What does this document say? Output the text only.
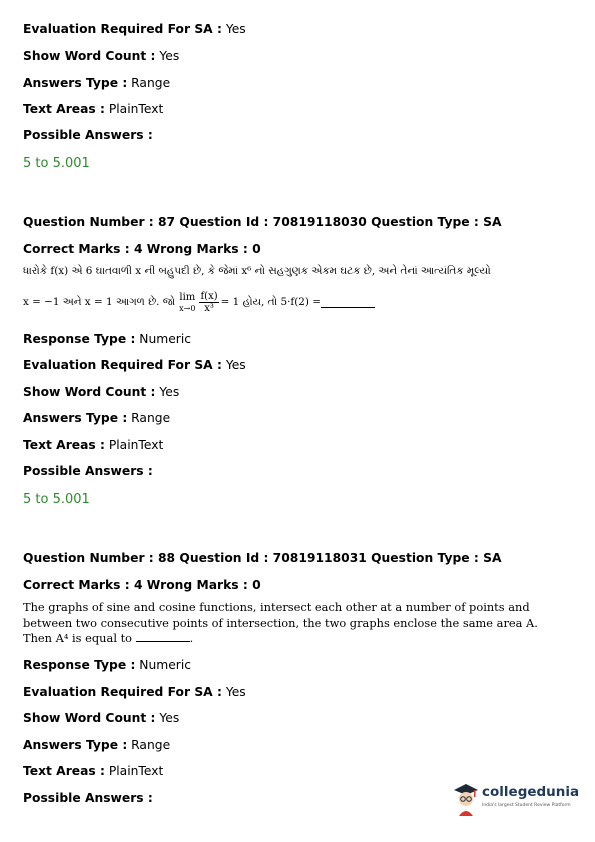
Evaluation Required For SA : Yes
Show Word Count : Yes
Answers Type : Range
Text Areas : PlainText
Possible Answers :
5 to 5.001
Question Number : 87 Question Id : 70819118030 Question Type : SA
Correct Marks : 4 Wrong Marks : 0
ધારોકે f(x) એ 6 ઘાતવાળી x ની બહુપદી છે, કે જેમાં x⁶ નો સહગુણક એકમ ઘટક છે, અને તેનાં આત્યંતિક મૂલ્યો
x = −1 અને x = 1 આગળ છે. જો lim
$x\to 0 \frac{f(x)}{\text{x³}} = 1$ હોય, તો 5·f(2) =
Response Type : Numeric
Evaluation Required For SA : Yes
Show Word Count : Yes
Answers Type : Range
Text Areas : PlainText
Possible Answers :
5 to 5.001
Question Number : 88 Question Id : 70819118031 Question Type : SA
Correct Marks : 4 Wrong Marks : 0
The graphs of sine and cosine functions, intersect each other at a number of points and
between two consecutive points of intersection, the two graphs enclose the same area A.
Then A⁴ is equal to	.
Response Type : Numeric
Evaluation Required For SA : Yes
Show Word Count : Yes
Answers Type : Range
Text Areas : PlainText
Possible Answers :	collegedunia
India's largest Student Review Platform
